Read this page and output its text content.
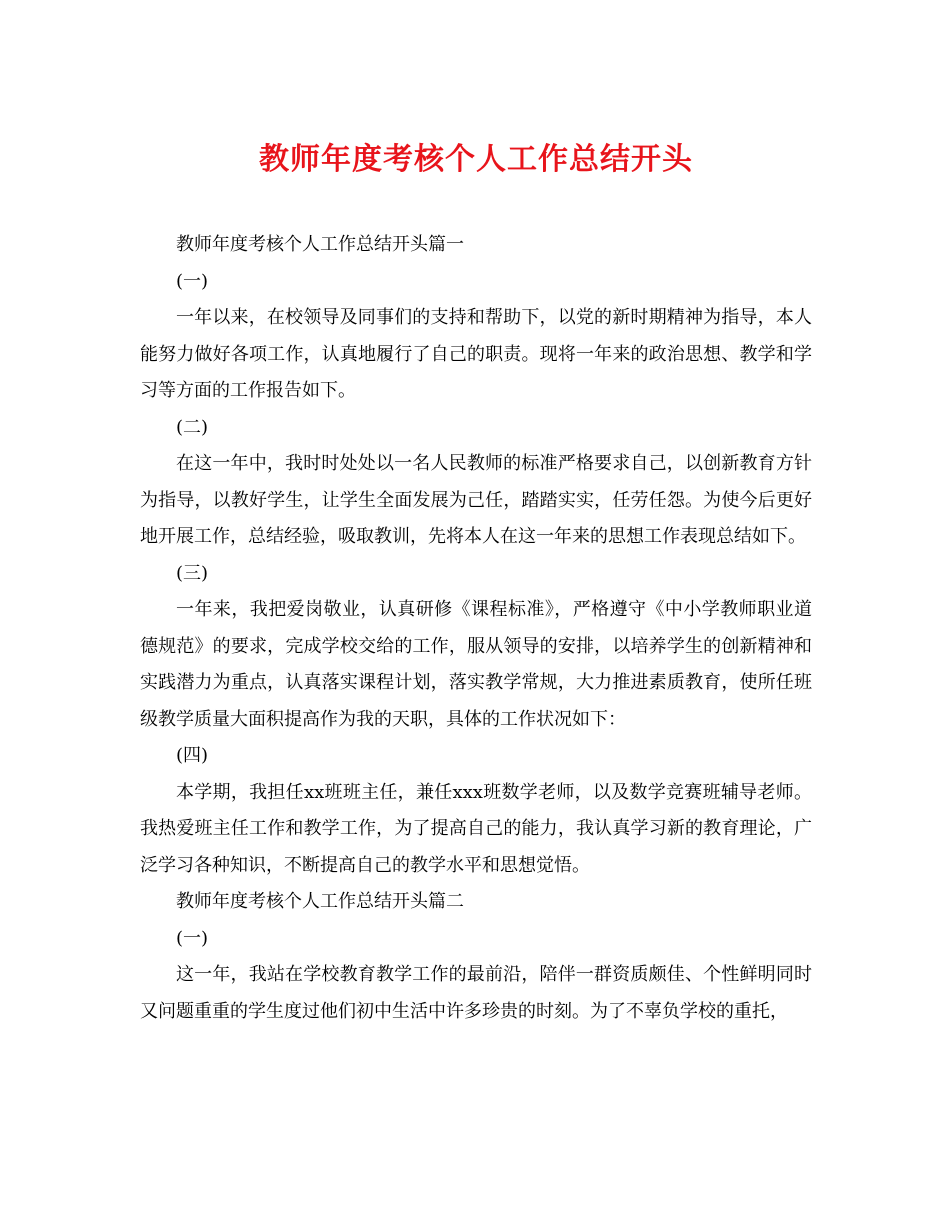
教师年度考核个人工作总结开头

教师年度考核个人工作总结开头篇一

(一)

一年以来，在校领导及同事们的支持和帮助下，以党的新时期精神为指导，本人能努力做好各项工作，认真地履行了自己的职责。现将一年来的政治思想、教学和学习等方面的工作报告如下。

(二)

在这一年中，我时时处处以一名人民教师的标准严格要求自己，以创新教育方针为指导，以教好学生，让学生全面发展为己任，踏踏实实，任劳任怨。为使今后更好地开展工作，总结经验，吸取教训，先将本人在这一年来的思想工作表现总结如下。

(三)

一年来，我把爱岗敬业，认真研修《课程标准》，严格遵守《中小学教师职业道德规范》的要求，完成学校交给的工作，服从领导的安排，以培养学生的创新精神和实践潜力为重点，认真落实课程计划，落实教学常规，大力推进素质教育，使所任班级教学质量大面积提高作为我的天职，具体的工作状况如下：

(四)

本学期，我担任xx班班主任，兼任xxx班数学老师，以及数学竞赛班辅导老师。我热爱班主任工作和教学工作，为了提高自己的能力，我认真学习新的教育理论，广泛学习各种知识，不断提高自己的教学水平和思想觉悟。

教师年度考核个人工作总结开头篇二

(一)

这一年，我站在学校教育教学工作的最前沿，陪伴一群资质颇佳、个性鲜明同时又问题重重的学生度过他们初中生活中许多珍贵的时刻。为了不辜负学校的重托，
